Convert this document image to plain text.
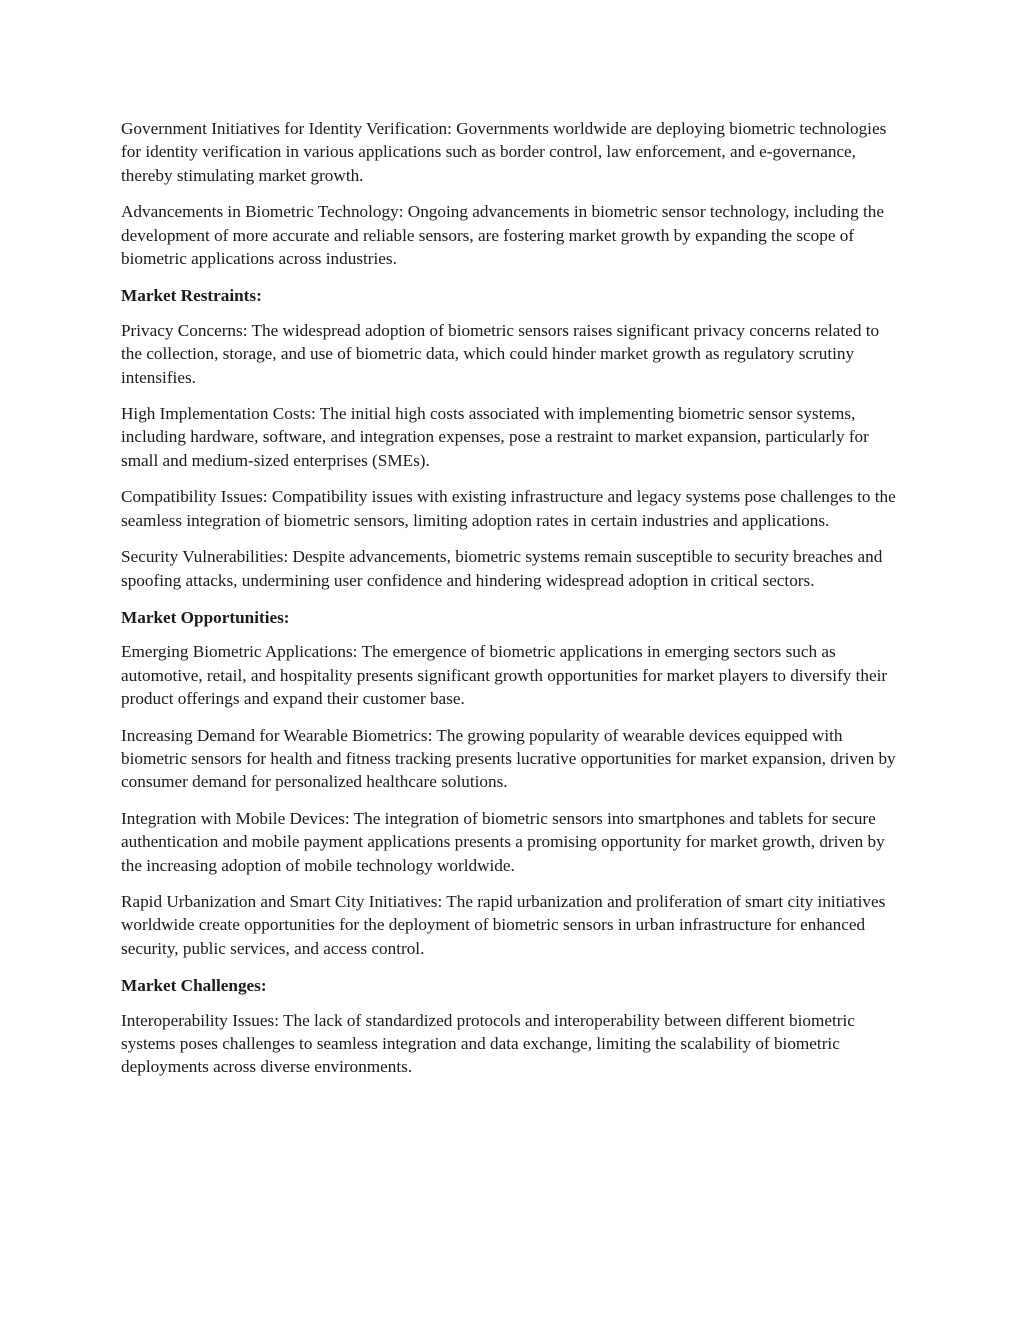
Government Initiatives for Identity Verification: Governments worldwide are deploying biometric technologies for identity verification in various applications such as border control, law enforcement, and e-governance, thereby stimulating market growth.

Advancements in Biometric Technology: Ongoing advancements in biometric sensor technology, including the development of more accurate and reliable sensors, are fostering market growth by expanding the scope of biometric applications across industries.

Market Restraints:

Privacy Concerns: The widespread adoption of biometric sensors raises significant privacy concerns related to the collection, storage, and use of biometric data, which could hinder market growth as regulatory scrutiny intensifies.

High Implementation Costs: The initial high costs associated with implementing biometric sensor systems, including hardware, software, and integration expenses, pose a restraint to market expansion, particularly for small and medium-sized enterprises (SMEs).

Compatibility Issues: Compatibility issues with existing infrastructure and legacy systems pose challenges to the seamless integration of biometric sensors, limiting adoption rates in certain industries and applications.

Security Vulnerabilities: Despite advancements, biometric systems remain susceptible to security breaches and spoofing attacks, undermining user confidence and hindering widespread adoption in critical sectors.

Market Opportunities:

Emerging Biometric Applications: The emergence of biometric applications in emerging sectors such as automotive, retail, and hospitality presents significant growth opportunities for market players to diversify their product offerings and expand their customer base.

Increasing Demand for Wearable Biometrics: The growing popularity of wearable devices equipped with biometric sensors for health and fitness tracking presents lucrative opportunities for market expansion, driven by consumer demand for personalized healthcare solutions.

Integration with Mobile Devices: The integration of biometric sensors into smartphones and tablets for secure authentication and mobile payment applications presents a promising opportunity for market growth, driven by the increasing adoption of mobile technology worldwide.

Rapid Urbanization and Smart City Initiatives: The rapid urbanization and proliferation of smart city initiatives worldwide create opportunities for the deployment of biometric sensors in urban infrastructure for enhanced security, public services, and access control.

Market Challenges:

Interoperability Issues: The lack of standardized protocols and interoperability between different biometric systems poses challenges to seamless integration and data exchange, limiting the scalability of biometric deployments across diverse environments.
